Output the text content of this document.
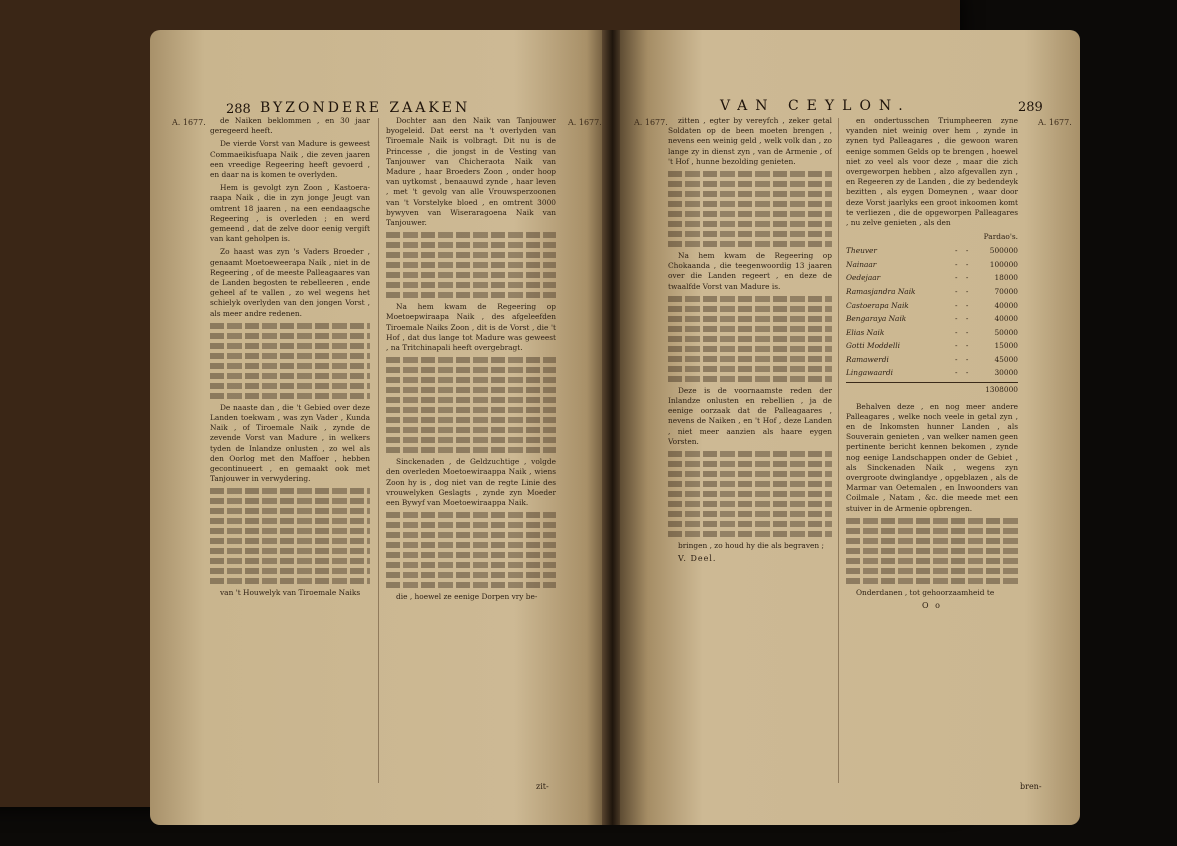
288 BYZONDERE ZAAKEN
A. 1677.	A. 1677.

de Naiken beklommen , en 30 jaar geregeerd heeft.

De vierde Vorst van Madure is geweest Commaeikisfuapa Naik , die zeven jaaren een vreedige Regeering heeft gevoerd , en daar na is komen te overlyden.

Hem is gevolgt zyn Zoon , Kastoera-raapa Naik , die in zyn jonge Jeugt van omtrent 18 jaaren , na een eendaagsche Regeering , is overleden ; en werd gemeend , dat de zelve door eenig vergift van kant geholpen is.

Zo haast was zyn 's Vaders Broeder , genaamt Moetoeweerapa Naik , niet in de Regeering , of de meeste Palleagaares van de Landen begosten te rebelleeren , ende geheel af te vallen , zo wel wegens het schielyk overlyden van den jongen Vorst , als meer andre redenen.

De naaste dan , die 't Gebied over deze Landen toekwam , was zyn Vader , Kunda Naik , of Tiroemale Naik , zynde de zevende Vorst van Madure , in welkers tyden de Inlandze onlusten , zo wel als den Oorlog met den Maffoer , hebben gecontinueert , en gemaakt ook met Tanjouwer in verwydering.

van 't Houwelyk van Tiroemale Naiks

Dochter aan den Naik van Tanjouwer byogeleid. Dat eerst na 't overlyden van Tiroemale Naik is volbragt. Dit nu is de Princesse , die jongst in de Vesting van Tanjouwer van Chicheraota Naik van Madure , haar Broeders Zoon , onder hoop van uytkomst , benaauwd zynde , haar leven , met 't gevolg van alle Vrouwsperzoonen van 't Vorstelyke bloed , en omtrent 3000 bywyven van Wiseraragoena Naik van Tanjouwer.

Na hem kwam de Regeering op Moetoepwiraapa Naik , des afgeleefden Tiroemale Naiks Zoon , dit is de Vorst , die 't Hof , dat dus lange tot Madure was geweest , na Tritchinapali heeft overgebragt.

Sinckenaden , de Geldzuchtige , volgde den overleden Moetoewiraappa Naik , wiens Zoon hy is , dog niet van de regte Linie des vrouwelyken Geslagts , zynde zyn Moeder een Bywyf van Moetoewiraappa Naik.

die , hoewel ze eenige Dorpen vry be-

zit-
VAN CEYLON.	289
A. 1677.	A. 1677.

zitten , egter by vereyfch , zeker getal Soldaten op de been moeten brengen , nevens een weinig geld , welk volk dan , zo lange zy in dienst zyn , van de Armenie , of 't Hof , hunne bezolding genieten.

Na hem kwam de Regeering op Chokaanda , die teegenwoordig 13 jaaren over die Landen regeert , en deze de twaalfde Vorst van Madure is.

Deze is de voornaamste reden der Inlandze onlusten en rebellien , ja de eenige oorzaak dat de Palleagaares , nevens de Naiken , en 't Hof , deze Landen , niet meer aanzien als haare eygen Vorsten.

bringen , zo houd hy die als begraven ;

V. Deel.

en ondertusschen Triumpheeren zyne vyanden niet weinig over hem , zynde in zynen tyd Palleagares , die gewoon waren eenige sommen Gelds op te brengen , hoewel niet zo veel als voor deze , maar die zich overgeworpen hebben , alzo afgevallen zyn , en Regeeren zy de Landen , die zy bedendeyk bezitten , als eygen Domeynen , waar door deze Vorst jaarlyks een groot inkoomen komt te verliezen , die de opgeworpen Palleagares , nu zelve genieten , als den

Pardao's.
Theuver	- -	500000
Nainaar	- -	100000
Oedejaar	- -	18000
Ramasjandra Naik	- -	70000
Castoerapa Naik	- -	40000
Bengaraya Naik	- -	40000
Elias Naik	- -	50000
Gotti Moddelli	- -	15000
Ramawerdi	- -	45000
Lingawaardi	- -	30000
1308000

Behalven deze , en nog meer andere Palleagares , welke noch veele in getal zyn , en de Inkomsten hunner Landen , als Souverain genieten , van welker namen geen pertinente bericht kennen bekomen , zynde nog eenige Landschappen onder de Gebiet , als Sinckenaden Naik , wegens zyn overgroote dwinglandye , opgeblazen , als de Marmar van Oetemalen , en Inwoonders van Coilmale , Natam , &c. die meede met een stuiver in de Armenie opbrengen.

Onderdanen , tot gehoorzaamheid te

O o
bren-
